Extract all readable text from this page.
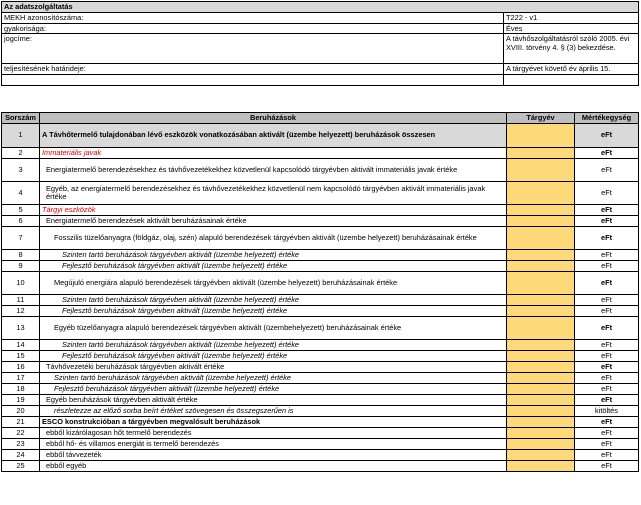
Az adatszolgáltatás	
MEKH azonosítószáma:	T222 - v1
gyakorisága:	Éves
jogcíme:	A távhőszolgáltatásról szóló 2005. évi XVIII. törvény 4. § (3) bekezdése.
teljesítésének határideje:	A tárgyévet követő év április 15.

Sorszám	Beruházások	Tárgyév	Mértékegység
1	A Távhőtermelő tulajdonában lévő eszközök vonatkozásában aktivált (üzembe helyezett) beruházások összesen		eFt
2	Immateriális javak		eFt
3	Energiatermelő berendezésekhez és távhővezetékekhez közvetlenül kapcsolódó tárgyévben aktivált immateriális javak értéke		eFt
4	Egyéb, az energiatermelő berendezésekhez és távhővezetékekhez közvetlenül nem kapcsolódó tárgyévben aktivált immateriális javak értéke		eFt
5	Tárgyi eszközök		eFt
6	Energiatermelő berendezések aktivált beruházásainak értéke		eFt
7	Fosszilis tüzelőanyagra (földgáz, olaj, szén) alapuló berendezések tárgyévben aktivált (üzembe helyezett) beruházásainak értéke		eFt
8	Szinten tartó beruházások tárgyévben aktivált (üzembe helyezett) értéke		eFt
9	Fejlesztő beruházások tárgyévben aktivált (üzembe helyezett) értéke		eFt
10	Megújuló energiára alapuló berendezések tárgyévben aktivált (üzembe helyezett) beruházásainak értéke		eFt
11	Szinten tartó beruházások tárgyévben aktivált (üzembe helyezett) értéke		eFt
12	Fejlesztő beruházások tárgyévben aktivált (üzembe helyezett) értéke		eFt
13	Egyéb tüzelőanyagra alapuló berendezések tárgyévben aktivált (üzembehelyezett) beruházásainak értéke		eFt
14	Szinten tartó beruházások tárgyévben aktivált (üzembe helyezett) értéke		eFt
15	Fejlesztő beruházások tárgyévben aktivált (üzembe helyezett) értéke		eFt
16	Távhővezetéki beruházások tárgyévben aktivált értéke		eFt
17	Szinten tartó beruházások tárgyévben aktivált (üzembe helyezett) értéke		eFt
18	Fejlesztő beruházások tárgyévben aktivált (üzembe helyezett) értéke		eFt
19	Egyéb beruházások tárgyévben aktivált értéke		eFt
20	részletezze az előző sorba beírt értéket szövegesen és összegszerűen is		kitöltés
21	ESCO konstrukcióban a tárgyévben megvalósult beruházások		eFt
22	ebből kizárólagosan hőt termelő berendezés		eFt
23	ebből hő- és villamos energiát is termelő berendezés		eFt
24	ebből távvezeték		eFt
25	ebből egyéb		eFt
